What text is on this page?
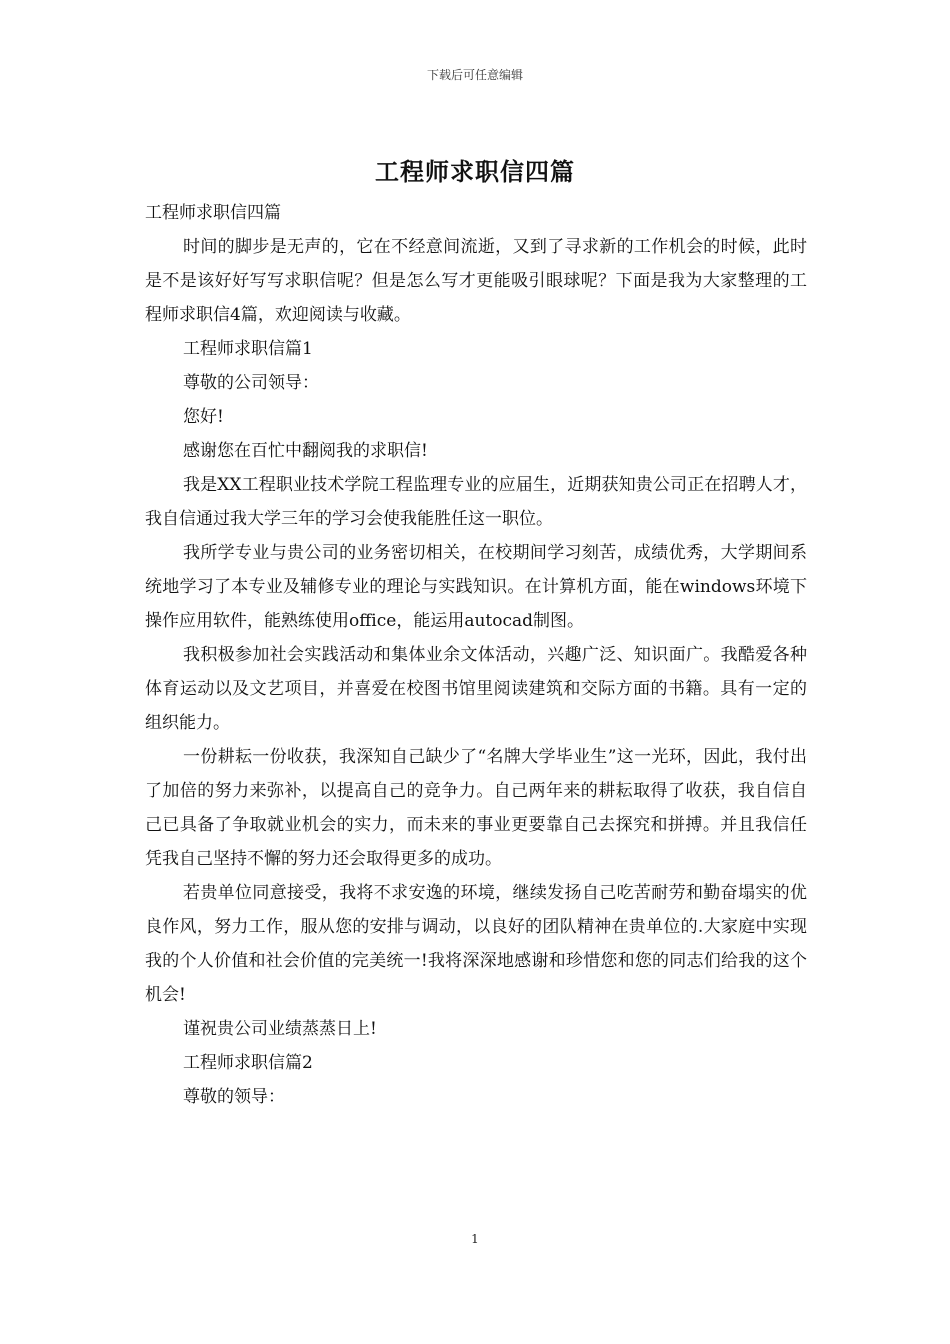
下载后可任意编辑
工程师求职信四篇

工程师求职信四篇

时间的脚步是无声的，它在不经意间流逝，又到了寻求新的工作机会的时候，此时是不是该好好写写求职信呢？但是怎么写才更能吸引眼球呢？下面是我为大家整理的工程师求职信4篇，欢迎阅读与收藏。

工程师求职信篇1

尊敬的公司领导：

您好!

感谢您在百忙中翻阅我的求职信!

我是XX工程职业技术学院工程监理专业的应届生，近期获知贵公司正在招聘人才，我自信通过我大学三年的学习会使我能胜任这一职位。

我所学专业与贵公司的业务密切相关，在校期间学习刻苦，成绩优秀，大学期间系统地学习了本专业及辅修专业的理论与实践知识。在计算机方面，能在windows环境下操作应用软件，能熟练使用office，能运用autocad制图。

我积极参加社会实践活动和集体业余文体活动，兴趣广泛、知识面广。我酷爱各种体育运动以及文艺项目，并喜爱在校图书馆里阅读建筑和交际方面的书籍。具有一定的组织能力。

一份耕耘一份收获，我深知自己缺少了“名牌大学毕业生”这一光环，因此，我付出了加倍的努力来弥补，以提高自己的竞争力。自己两年来的耕耘取得了收获，我自信自己已具备了争取就业机会的实力，而未来的事业更要靠自己去探究和拼搏。并且我信任凭我自己坚持不懈的努力还会取得更多的成功。

若贵单位同意接受，我将不求安逸的环境，继续发扬自己吃苦耐劳和勤奋塌实的优良作风，努力工作，服从您的安排与调动，以良好的团队精神在贵单位的.大家庭中实现我的个人价值和社会价值的完美统一!我将深深地感谢和珍惜您和您的同志们给我的这个机会!

谨祝贵公司业绩蒸蒸日上!

工程师求职信篇2

尊敬的领导：

1
